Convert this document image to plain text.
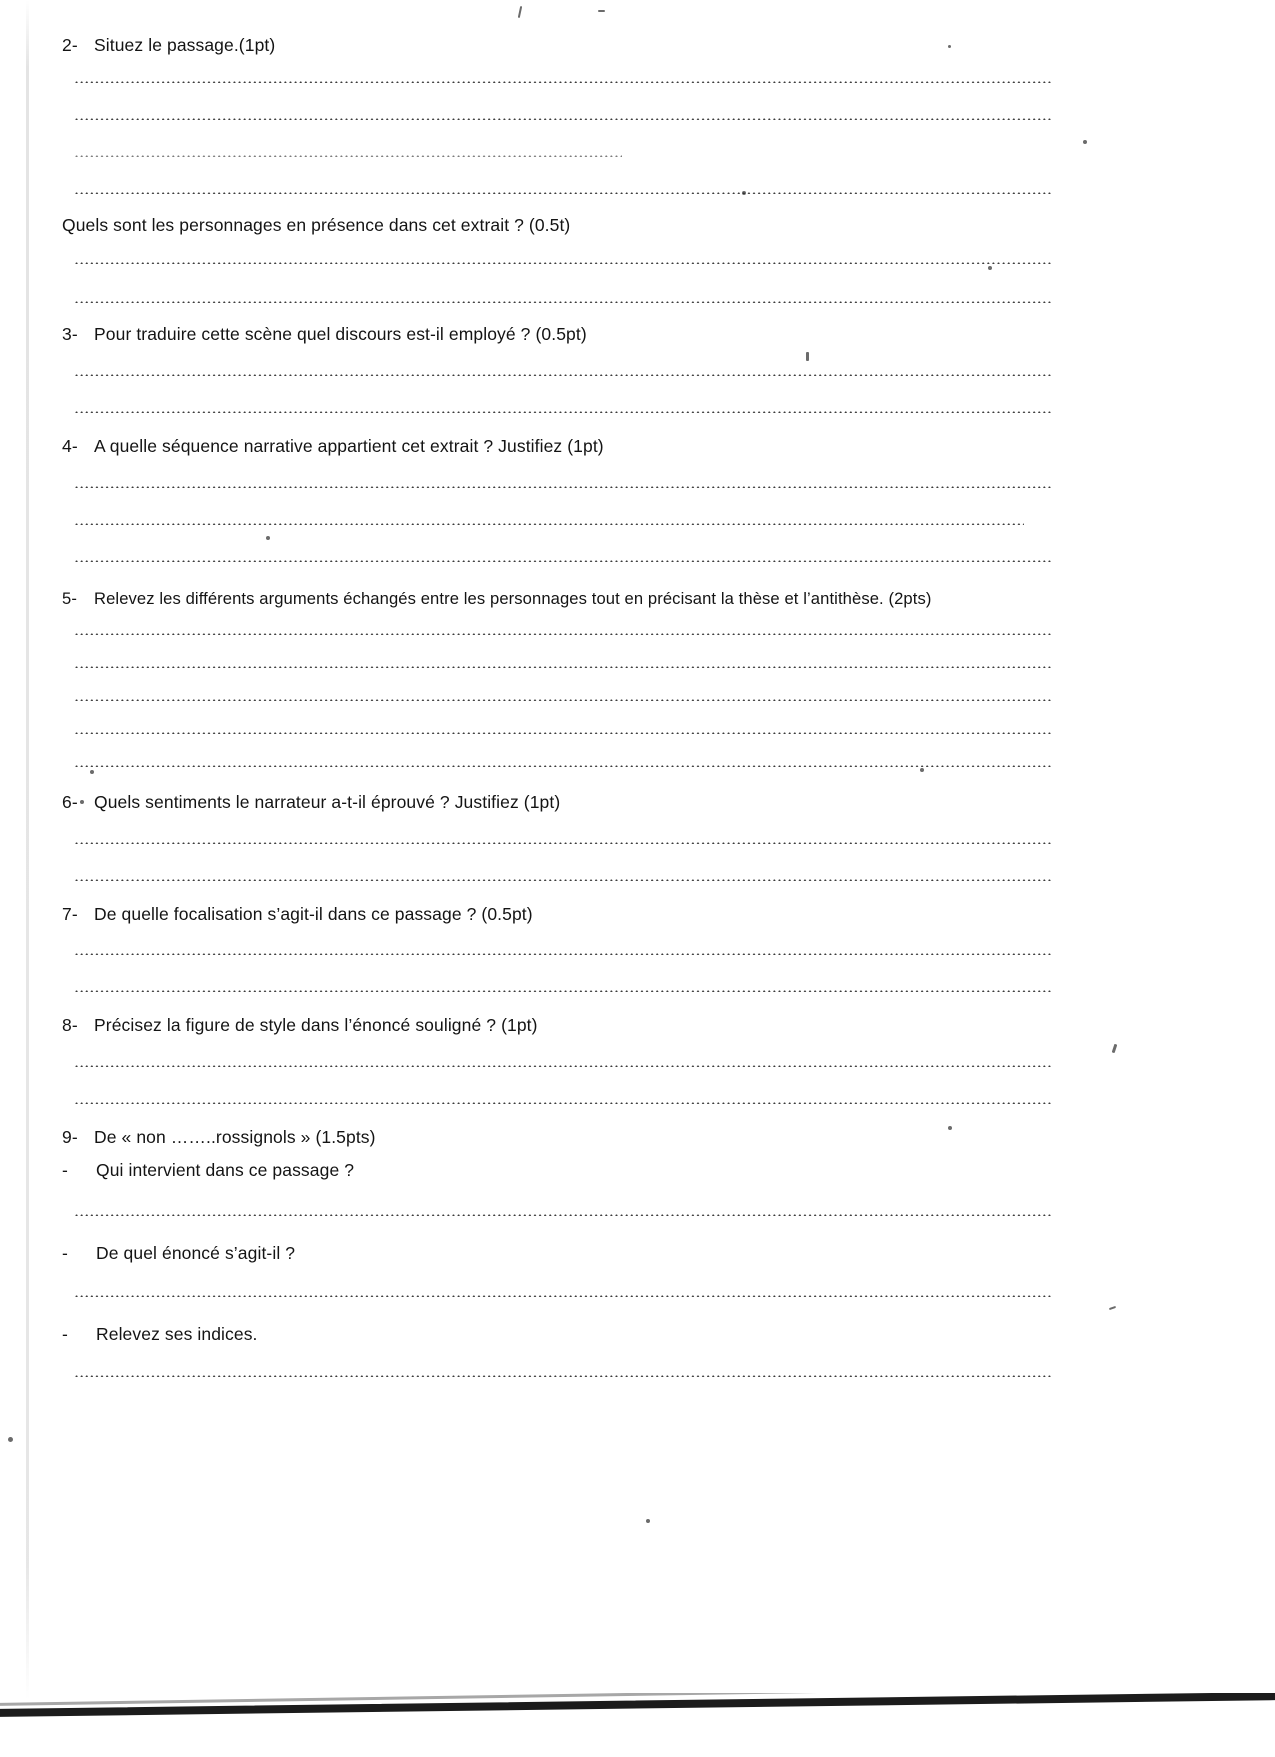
2- Situez le passage.(1pt)
Quels sont les personnages en présence dans cet extrait ? (0.5t)
3- Pour traduire cette scène quel discours est-il employé ? (0.5pt)
4- A quelle séquence narrative appartient cet extrait ? Justifiez (1pt)
5-	Relevez les différents arguments échangés entre les personnages tout en précisant la thèse et l’antithèse. (2pts)
6- Quels sentiments le narrateur a-t-il éprouvé ? Justifiez (1pt)
7- De quelle focalisation s’agit-il dans ce passage ? (0.5pt)
8- Précisez la figure de style dans l’énoncé souligné ? (1pt)
9- De « non ……..rossignols » (1.5pts)
-	Qui intervient dans ce passage ?
-	De quel énoncé s’agit-il ?
-	Relevez ses indices.
